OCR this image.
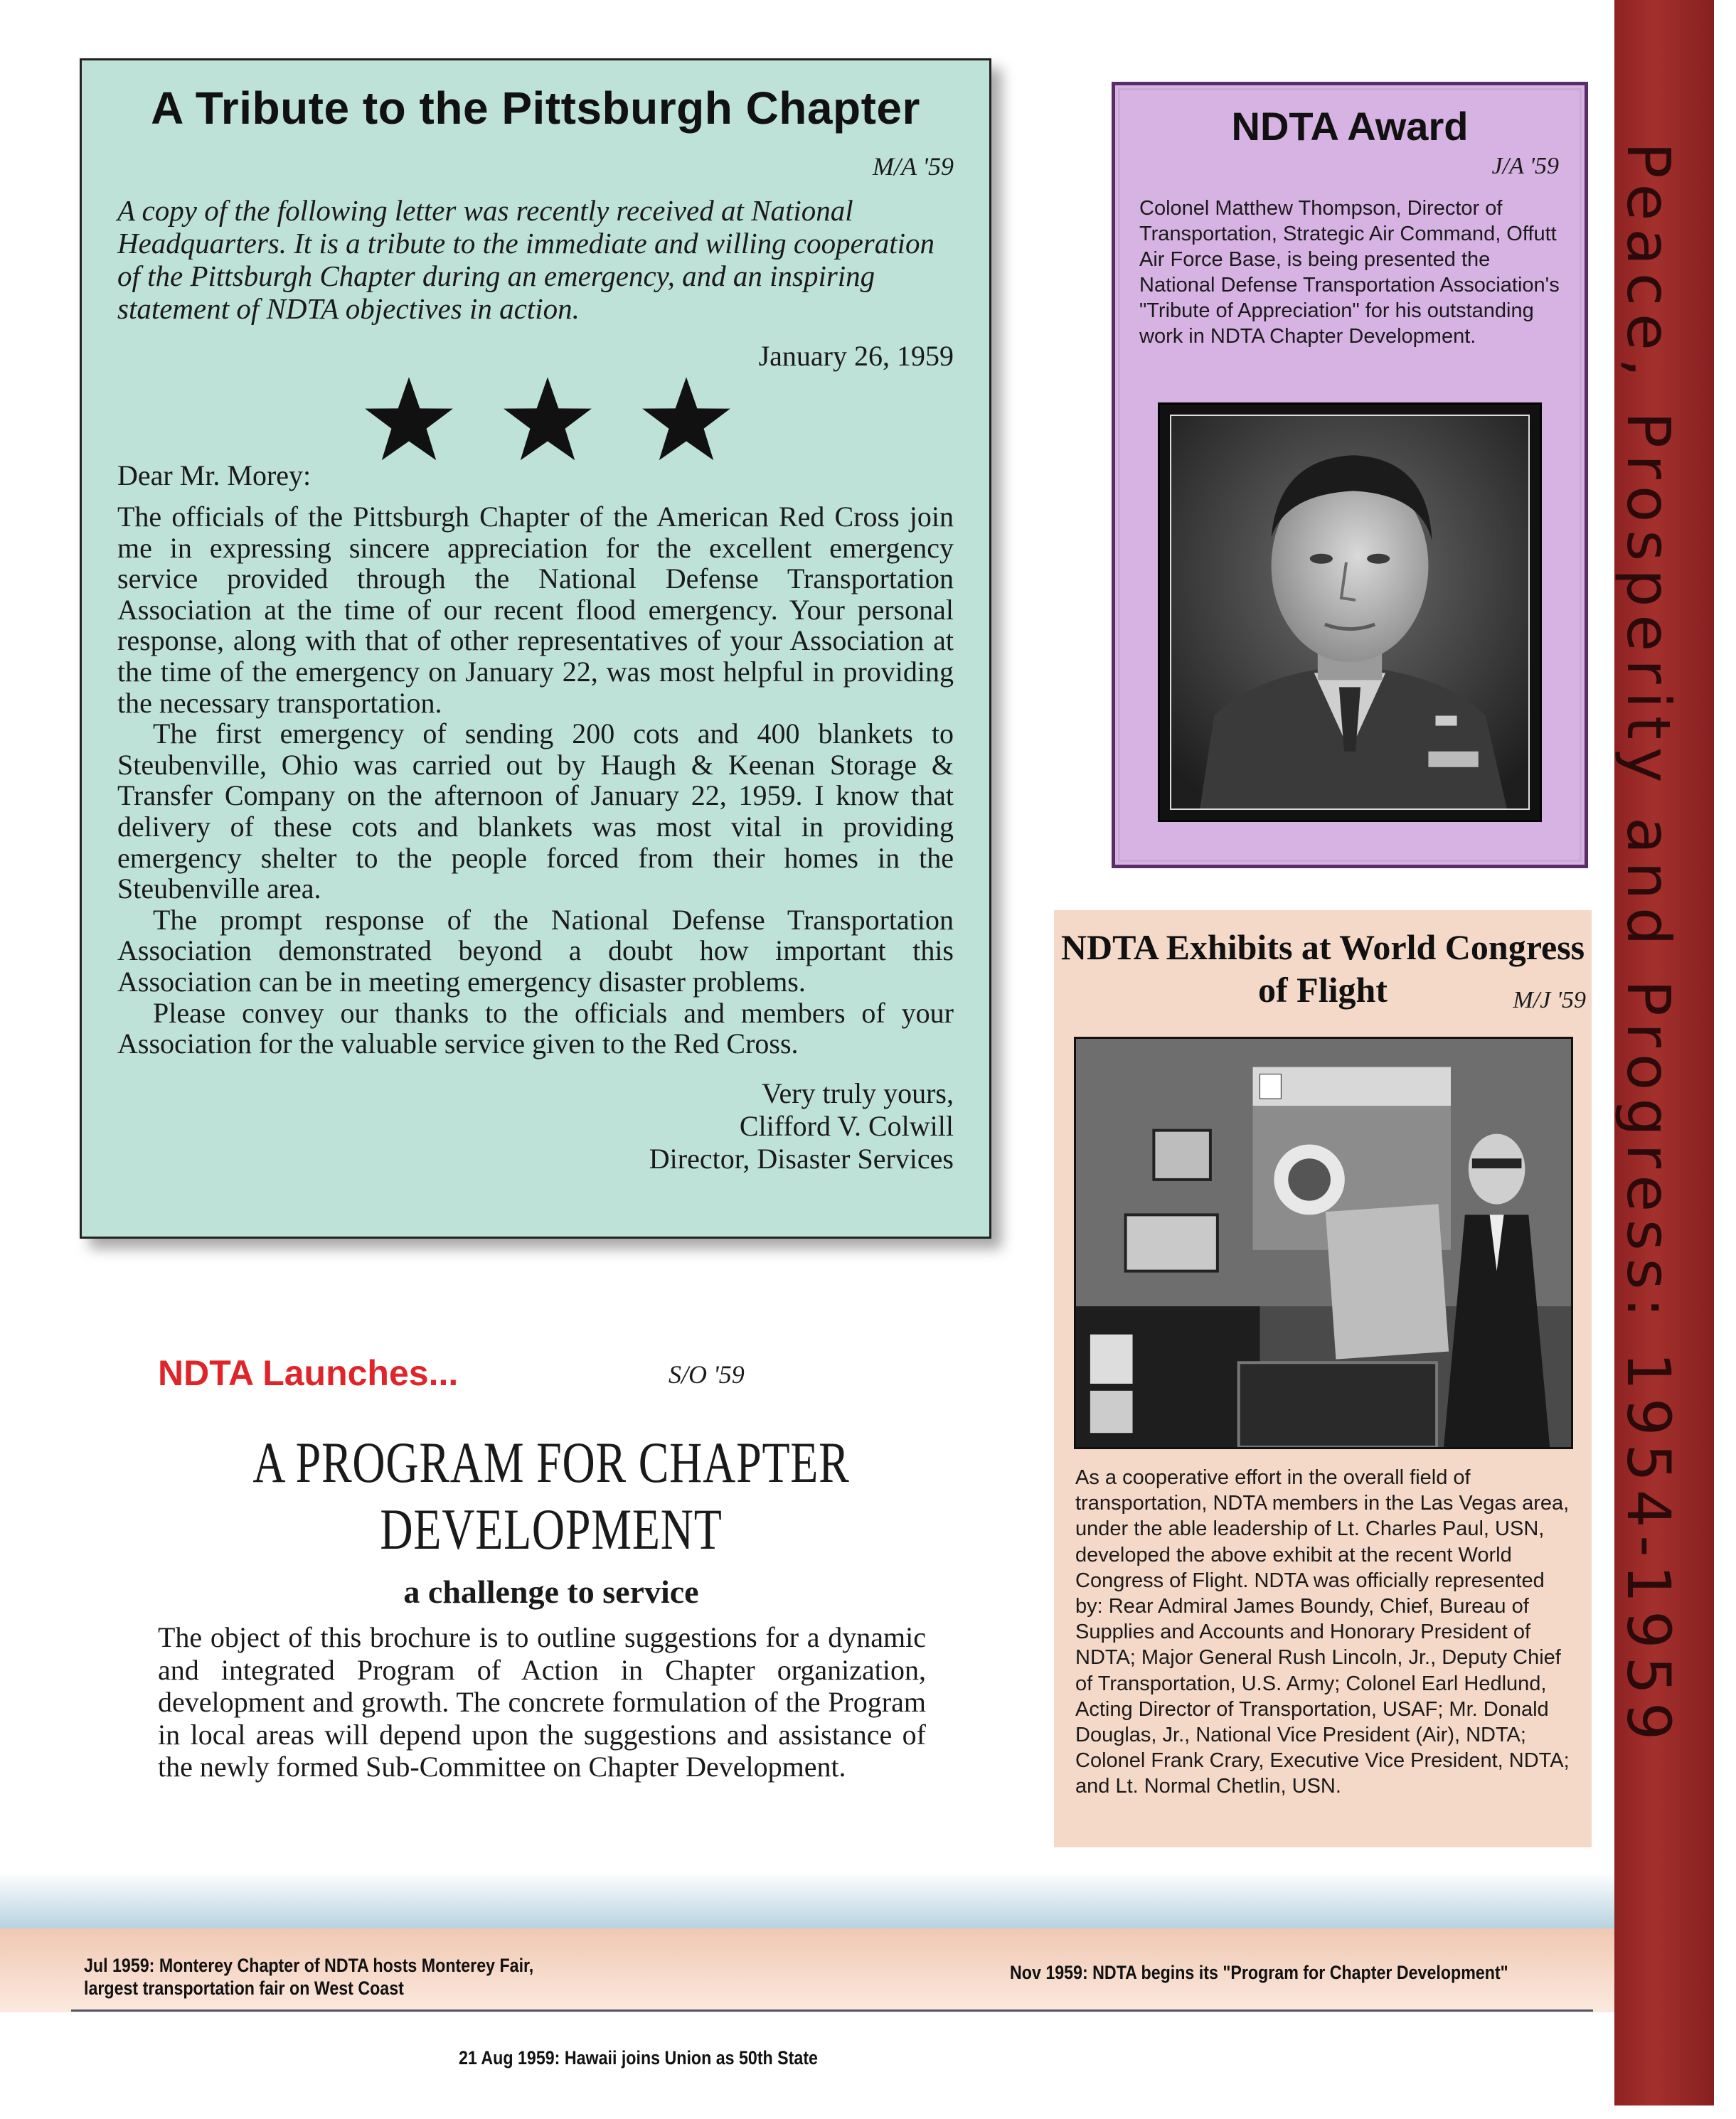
A Tribute to the Pittsburgh Chapter
M/A '59
A copy of the following letter was recently received at National Headquarters. It is a tribute to the immediate and willing cooperation of the Pittsburgh Chapter during an emergency, and an inspiring statement of NDTA objectives in action.
January 26, 1959
Dear Mr. Morey:

The officials of the Pittsburgh Chapter of the American Red Cross join me in expressing sincere appreciation for the excellent emergency service provided through the National Defense Transportation Association at the time of our recent flood emergency. Your personal response, along with that of other representatives of your Association at the time of the emergency on January 22, was most helpful in providing the necessary transportation.

The first emergency of sending 200 cots and 400 blankets to Steubenville, Ohio was carried out by Haugh & Keenan Storage & Transfer Company on the afternoon of January 22, 1959. I know that delivery of these cots and blankets was most vital in providing emergency shelter to the people forced from their homes in the Steubenville area.

The prompt response of the National Defense Transportation Association demonstrated beyond a doubt how important this Association can be in meeting emergency disaster problems.

Please convey our thanks to the officials and members of your Association for the valuable service given to the Red Cross.

Very truly yours,
Clifford V. Colwill
Director, Disaster Services
NDTA Award
J/A '59
Colonel Matthew Thompson, Director of Transportation, Strategic Air Command, Offutt Air Force Base, is being presented the National Defense Transportation Association's "Tribute of Appreciation" for his outstanding work in NDTA Chapter Development.
NDTA Exhibits at World Congress of Flight	M/J '59
As a cooperative effort in the overall field of transportation, NDTA members in the Las Vegas area, under the able leadership of Lt. Charles Paul, USN, developed the above exhibit at the recent World Congress of Flight. NDTA was officially represented by: Rear Admiral James Boundy, Chief, Bureau of Supplies and Accounts and Honorary President of NDTA; Major General Rush Lincoln, Jr., Deputy Chief of Transportation, U.S. Army; Colonel Earl Hedlund, Acting Director of Transportation, USAF; Mr. Donald Douglas, Jr., National Vice President (Air), NDTA; Colonel Frank Crary, Executive Vice President, NDTA; and Lt. Normal Chetlin, USN.
NDTA Launches...	S/O '59
A PROGRAM FOR CHAPTER
DEVELOPMENT
a challenge to service
The object of this brochure is to outline suggestions for a dynamic and integrated Program of Action in Chapter organization, development and growth. The concrete formulation of the Program in local areas will depend upon the suggestions and assistance of the newly formed Sub-Committee on Chapter Development.
Jul 1959: Monterey Chapter of NDTA hosts Monterey Fair,
largest transportation fair on West Coast
Nov 1959: NDTA begins its "Program for Chapter Development"
21 Aug 1959: Hawaii joins Union as 50th State
Peace, Prosperity and Progress: 1954-1959
